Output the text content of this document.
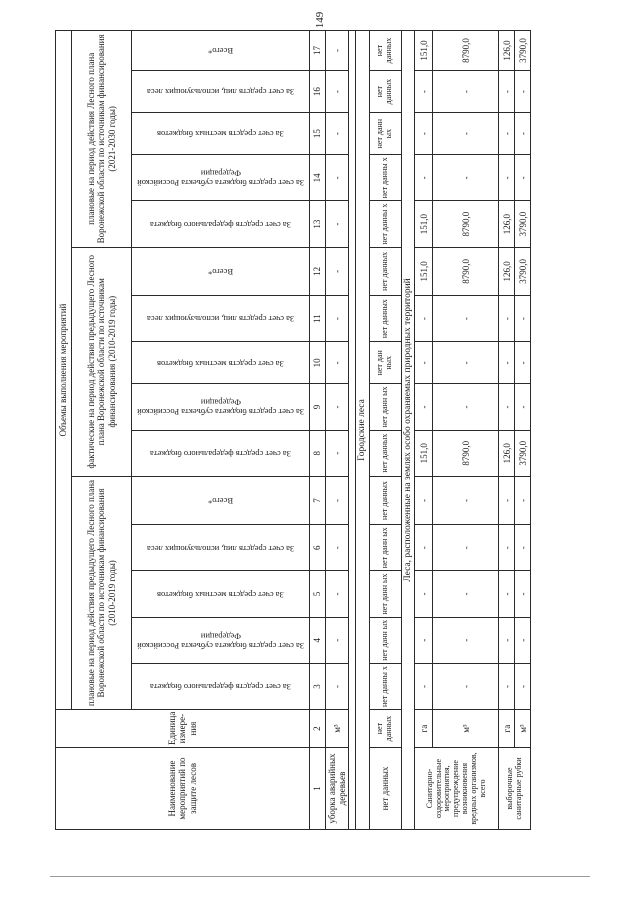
149
Наименование мероприятий по защите лесов	Единица измере-ния	Объемы выполнения мероприятий														
		плановые на период действия предыдущего Лесного плана Воронежской области по источникам финансирования (2010-2019 годы)					фактические на период действия предыдущего Лесного плана Воронежской области по источникам финансирования (2010-2019 годы)					плановые на период действия Лесного плана Воронежской области по источникам финансирования (2021-2030 годы)				

		За счет средств федерального бюджета	За счет средств бюджета субъекта Российской Федерации	За счет средств местных бюджетов	За счет средств лиц, использующих леса	Всего*	За счет средств федерального бюджета	За счет средств бюджета субъекта Российской Федерации	За счет средств местных бюджетов	За счет средств лиц, использующих леса	Всего*	За счет средств федерального бюджета	За счет средств бюджета субъекта Российской Федерации	За счет средств местных бюджетов	За счет средств лиц, использующих леса	Всего*

1	2	3	4	5	6	7	8	9	10	11	12	13	14	15	16	17
уборка аварийных деревьев	м³	-	-	-	-	-	-	-	-	-	-	-	-	-	-	-

Городские леса																
нет данных	нет данных	нет данны х	нет данн ых	нет данн ых	нет данн ых	нет данных	нет данных	нет данн ых	нет дан ных	нет данных	нет данных	нет данны х	нет данны х	нет данн ых	нет данных	нет данных
Леса, расположенные на землях особо охраняемых природных территорий																
Санитарно-оздоровительные мероприятия, предупреждение возникновения вредных организмов, всего	га	-	-	-	-	-	151,0	-	-	-	151,0	151,0	-	-	-	151,0
	м³	-	-	-	-	-	8790,0	-	-	-	8790,0	8790,0	-	-	-	8790,0
выборочные санитарные рубки	га	-	-	-	-	-	126,0	-	-	-	126,0	126,0	-	-	-	126,0
	м³	-	-	-	-	-	3790,0	-	-	-	3790,0	3790,0	-	-	-	3790,0
